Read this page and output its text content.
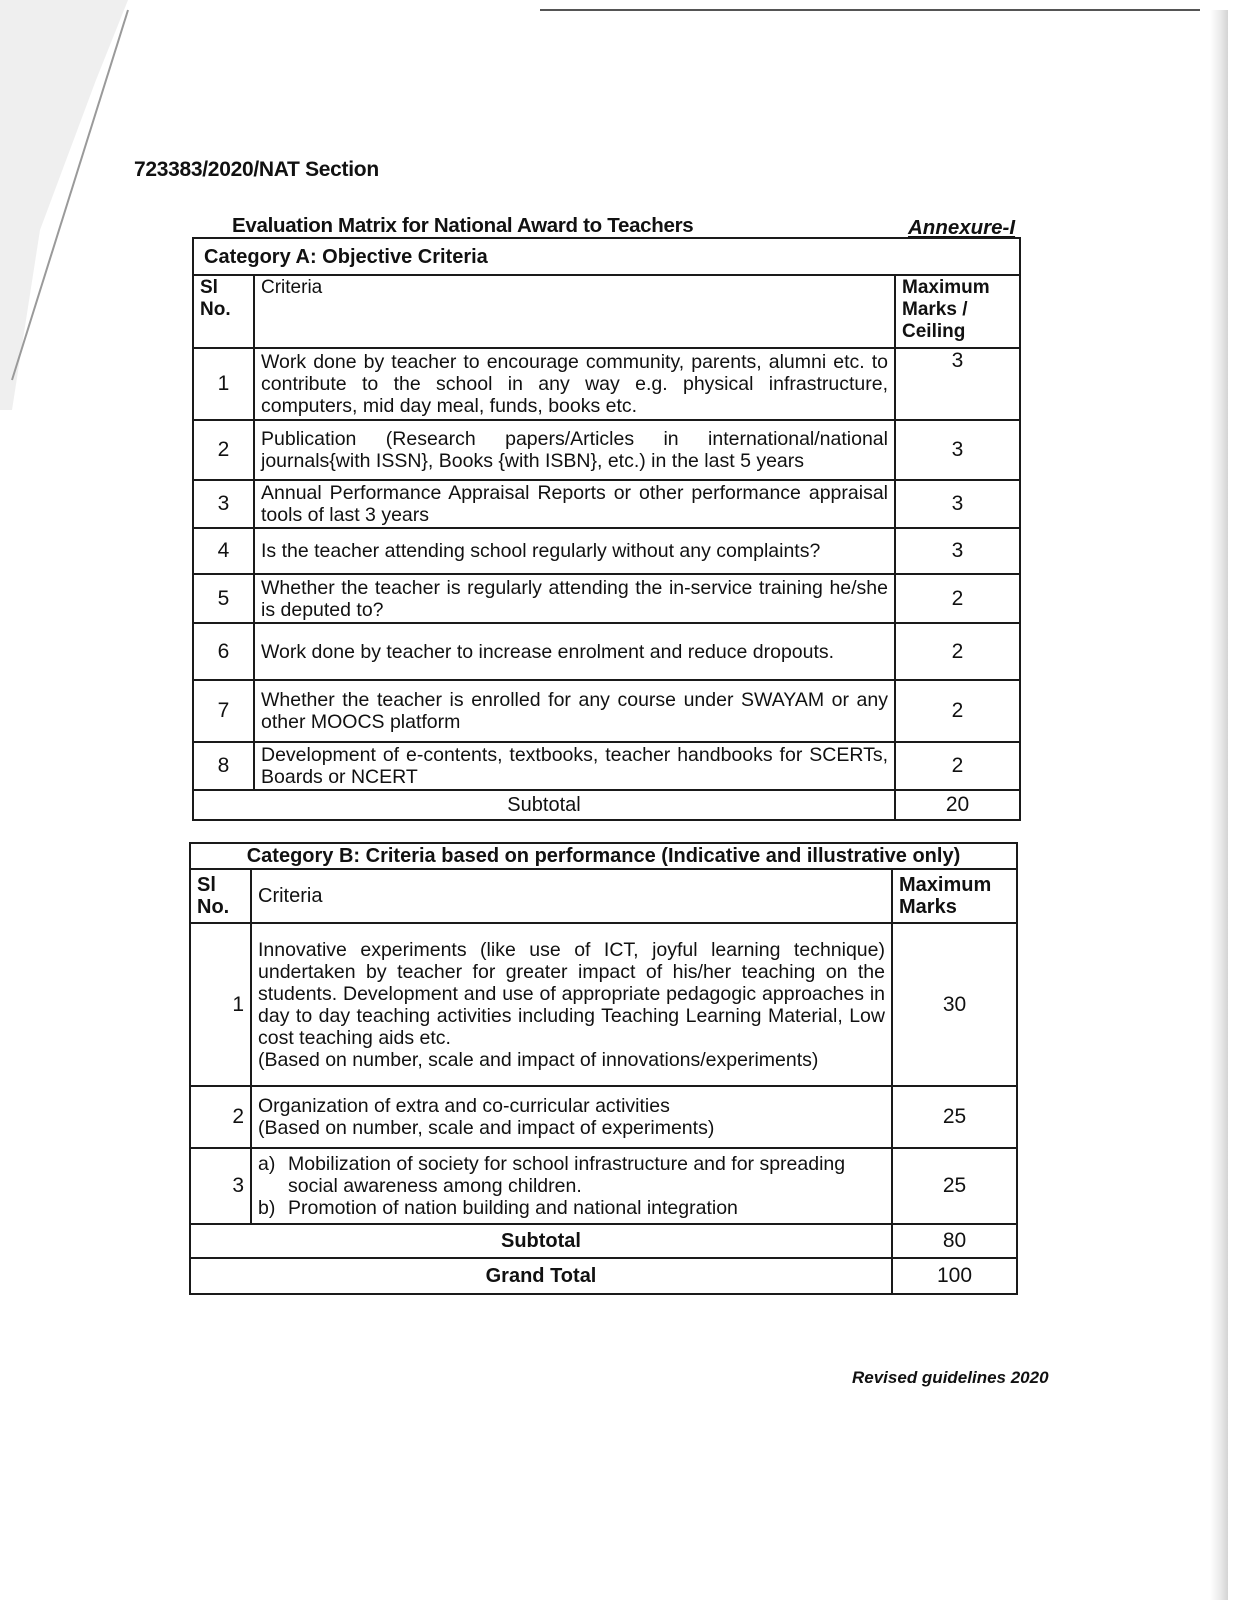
723383/2020/NAT Section
Evaluation Matrix for National Award to Teachers	Annexure-I
Category A: Objective Criteria		
Sl No.	Criteria	Maximum Marks / Ceiling
1	Work done by teacher to encourage community, parents, alumni etc. to contribute to the school in any way e.g. physical infrastructure, computers, mid day meal, funds, books etc.	3
2	Publication (Research papers/Articles in international/national journals{with ISSN}, Books {with ISBN}, etc.) in the last 5 years	3
3	Annual Performance Appraisal Reports or other performance appraisal tools of last 3 years	3
4	Is the teacher attending school regularly without any complaints?	3
5	Whether the teacher is regularly attending the in-service training he/she is deputed to?	2
6	Work done by teacher to increase enrolment and reduce dropouts.	2
7	Whether the teacher is enrolled for any course under SWAYAM or any other MOOCS platform	2
8	Development of e-contents, textbooks, teacher handbooks for SCERTs, Boards or NCERT	2
Subtotal		20
Category B: Criteria based on performance (Indicative and illustrative only)		
Sl No.	Criteria	Maximum Marks
1	Innovative experiments (like use of ICT, joyful learning technique) undertaken by teacher for greater impact of his/her teaching on the students. Development and use of appropriate pedagogic approaches in day to day teaching activities including Teaching Learning Material, Low cost teaching aids etc.
(Based on number, scale and impact of innovations/experiments)	30
2	Organization of extra and co-curricular activities
(Based on number, scale and impact of experiments)	25
3	a) Mobilization of society for school infrastructure and for spreading social awareness among children.
b) Promotion of nation building and national integration	25
Subtotal		80
Grand Total		100
Revised guidelines 2020
